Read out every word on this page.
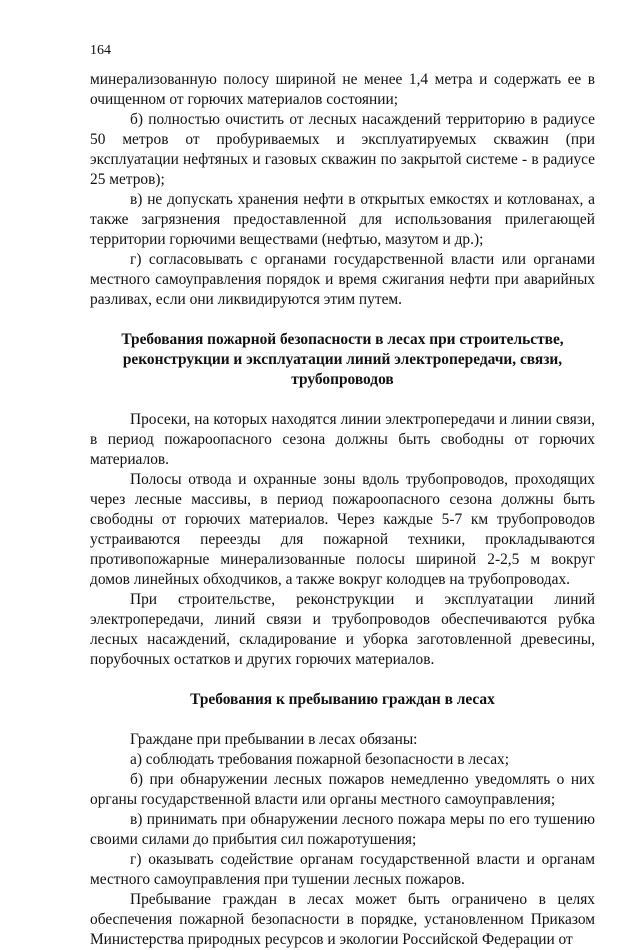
164

минерализованную полосу шириной не менее 1,4 метра и содержать ее в очищенном от горючих материалов состоянии;

б) полностью очистить от лесных насаждений территорию в радиусе 50 метров от пробуриваемых и эксплуатируемых скважин (при эксплуатации нефтяных и газовых скважин по закрытой системе - в радиусе 25 метров);

в) не допускать хранения нефти в открытых емкостях и котлованах, а также загрязнения предоставленной для использования прилегающей территории горючими веществами (нефтью, мазутом и др.);

г) согласовывать с органами государственной власти или органами местного самоуправления порядок и время сжигания нефти при аварийных разливах, если они ликвидируются этим путем.

Требования пожарной безопасности в лесах при строительстве, реконструкции и эксплуатации линий электропередачи, связи, трубопроводов

Просеки, на которых находятся линии электропередачи и линии связи, в период пожароопасного сезона должны быть свободны от горючих материалов.

Полосы отвода и охранные зоны вдоль трубопроводов, проходящих через лесные массивы, в период пожароопасного сезона должны быть свободны от горючих материалов. Через каждые 5-7 км трубопроводов устраиваются переезды для пожарной техники, прокладываются противопожарные минерализованные полосы шириной 2-2,5 м вокруг домов линейных обходчиков, а также вокруг колодцев на трубопроводах.

При строительстве, реконструкции и эксплуатации линий электропередачи, линий связи и трубопроводов обеспечиваются рубка лесных насаждений, складирование и уборка заготовленной древесины, порубочных остатков и других горючих материалов.

Требования к пребыванию граждан в лесах

Граждане при пребывании в лесах обязаны:

а) соблюдать требования пожарной безопасности в лесах;

б) при обнаружении лесных пожаров немедленно уведомлять о них органы государственной власти или органы местного самоуправления;

в) принимать при обнаружении лесного пожара меры по его тушению своими силами до прибытия сил пожаротушения;

г) оказывать содействие органам государственной власти и органам местного самоуправления при тушении лесных пожаров.

Пребывание граждан в лесах может быть ограничено в целях обеспечения пожарной безопасности в порядке, установленном Приказом Министерства природных ресурсов и экологии Российской Федерации от
